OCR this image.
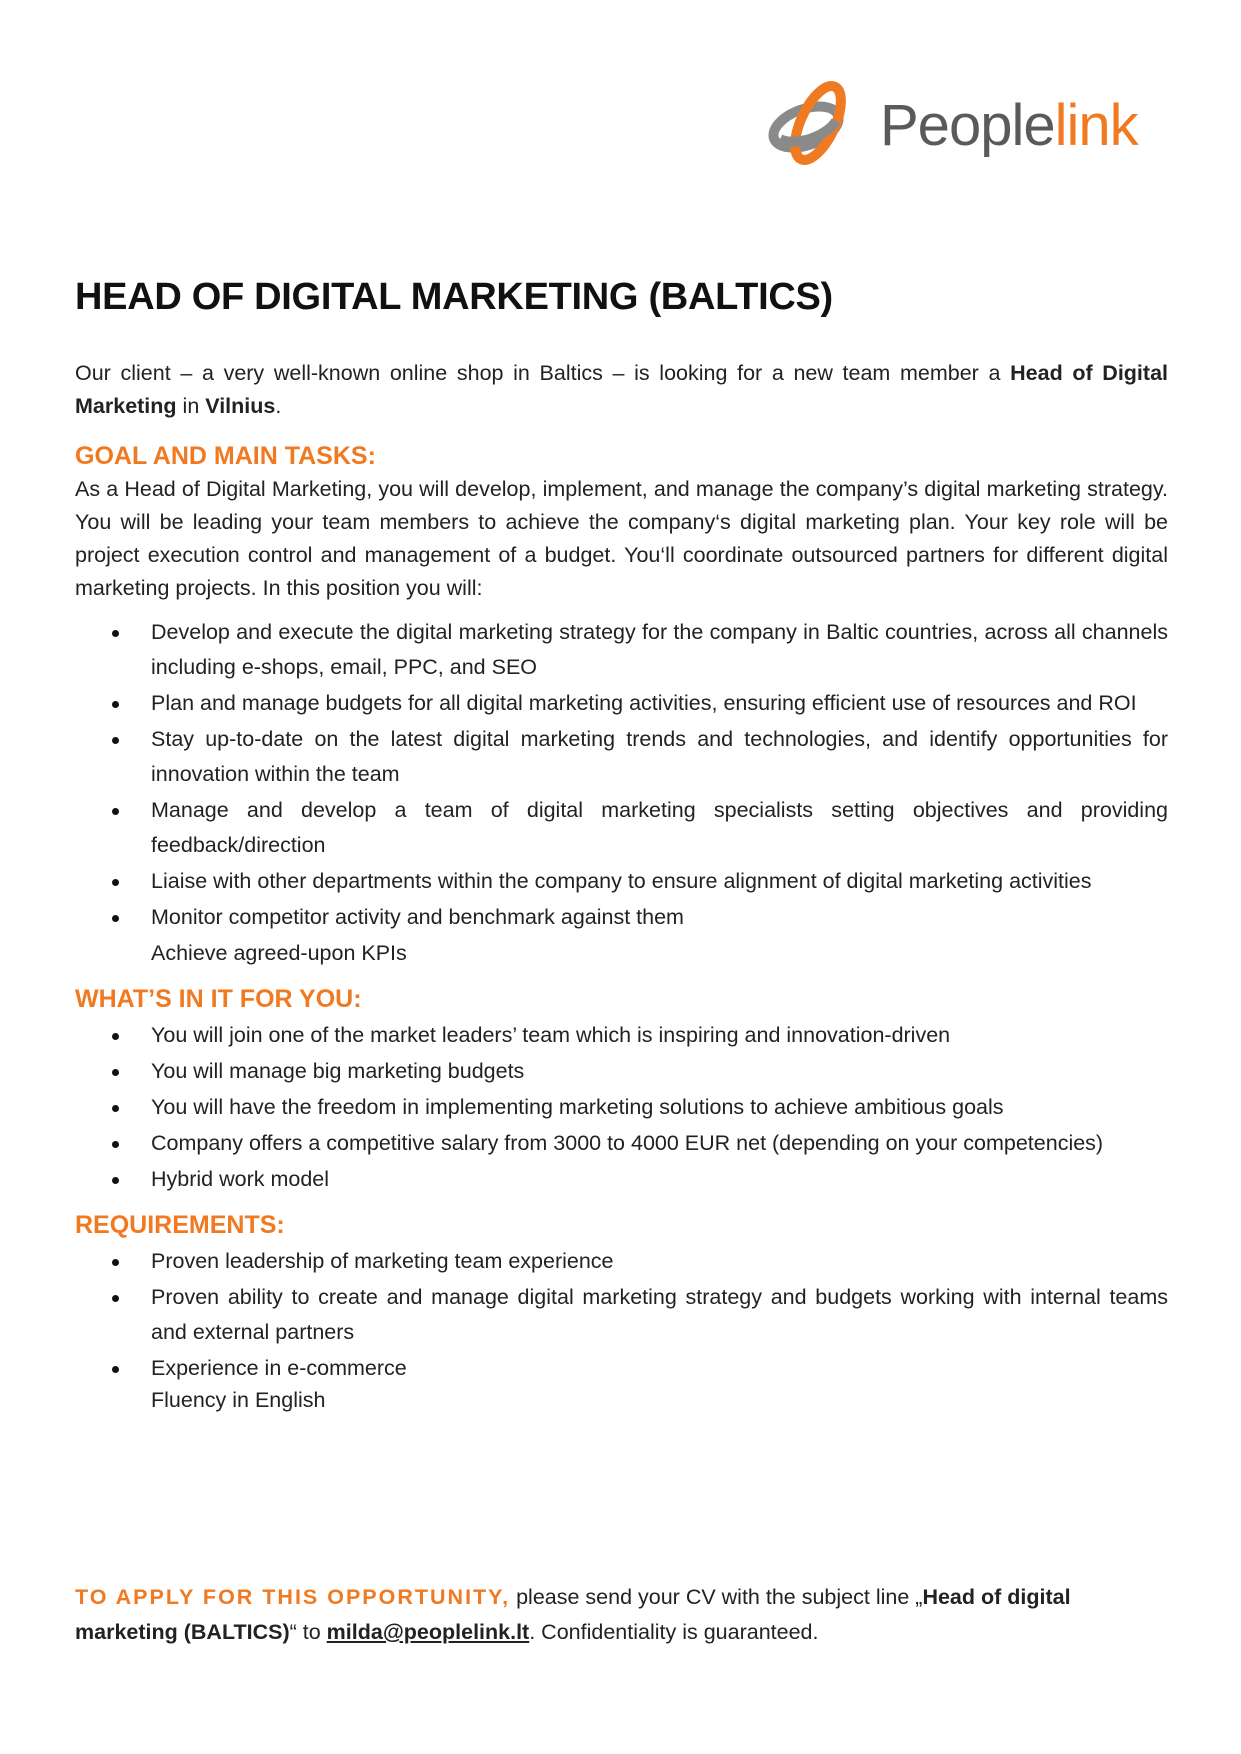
Peoplelink
HEAD OF DIGITAL MARKETING (BALTICS)

Our client – a very well-known online shop in Baltics – is looking for a new team member a Head of Digital Marketing in Vilnius.

GOAL AND MAIN TASKS:

As a Head of Digital Marketing, you will develop, implement, and manage the company’s digital marketing strategy. You will be leading your team members to achieve the company‘s digital marketing plan. Your key role will be project execution control and management of a budget. You‘ll coordinate outsourced partners for different digital marketing projects. In this position you will:

Develop and execute the digital marketing strategy for the company in Baltic countries, across all channels including e-shops, email, PPC, and SEO
Plan and manage budgets for all digital marketing activities, ensuring efficient use of resources and ROI
Stay up-to-date on the latest digital marketing trends and technologies, and identify opportunities for innovation within the team
Manage and develop a team of digital marketing specialists setting objectives and providing feedback/direction
Liaise with other departments within the company to ensure alignment of digital marketing activities
Monitor competitor activity and benchmark against them
Achieve agreed-upon KPIs
WHAT’S IN IT FOR YOU:
You will join one of the market leaders’ team which is inspiring and innovation-driven
You will manage big marketing budgets
You will have the freedom in implementing marketing solutions to achieve ambitious goals
Company offers a competitive salary from 3000 to 4000 EUR net (depending on your competencies)
Hybrid work model
REQUIREMENTS:
Proven leadership of marketing team experience
Proven ability to create and manage digital marketing strategy and budgets working with internal teams and external partners
Experience in e-commerce
Fluency in English
TO APPLY FOR THIS OPPORTUNITY, please send your CV with the subject line „Head of digital marketing (BALTICS)“ to milda@peoplelink.lt. Confidentiality is guaranteed.
